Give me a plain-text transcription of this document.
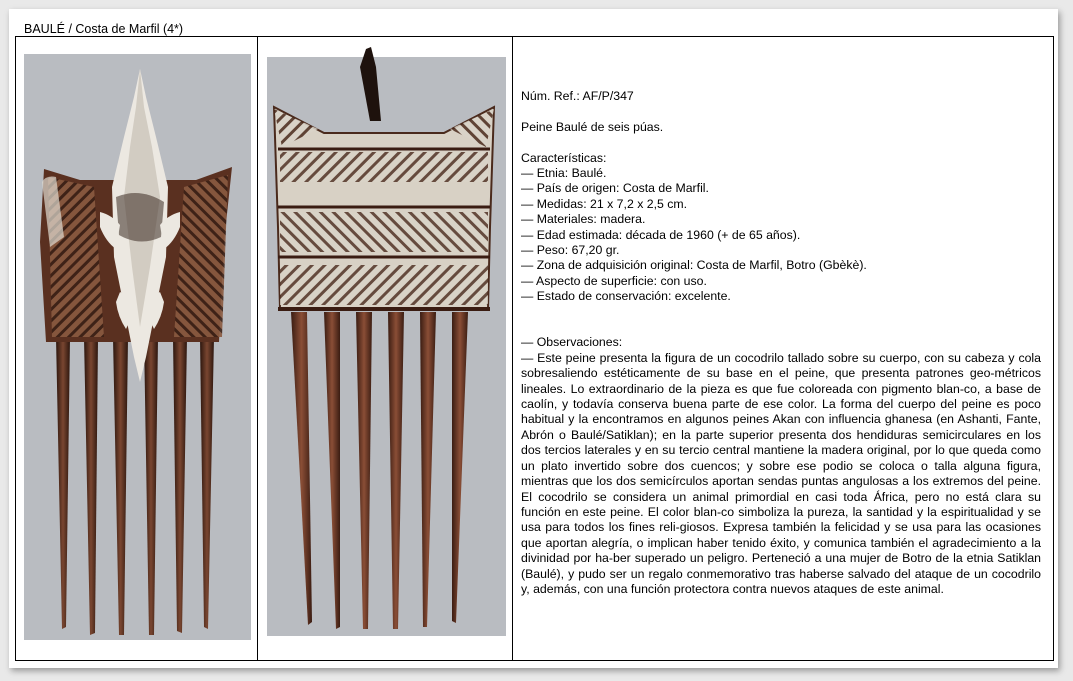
BAULÉ / Costa de Marfil (4*)

Núm. Ref.: AF/P/347

Peine Baulé de seis púas.

Características:

— Etnia: Baulé.

— País de origen: Costa de Marfil.

— Medidas: 21 x 7,2 x 2,5 cm.

— Materiales: madera.

— Edad estimada: década de 1960 (+ de 65 años).

— Peso: 67,20 gr.

— Zona de adquisición original: Costa de Marfil, Botro (Gbèkè).

— Aspecto de superficie: con uso.

— Estado de conservación: excelente.

— Observaciones:

— Este peine presenta la figura de un cocodrilo tallado sobre su cuerpo, con su cabeza y cola sobresaliendo estéticamente de su base en el peine, que presenta patrones geo-métricos lineales. Lo extraordinario de la pieza es que fue coloreada con pigmento blan-co, a base de caolín, y todavía conserva buena parte de ese color. La forma del cuerpo del peine es poco habitual y la encontramos en algunos peines Akan con influencia ghanesa (en Ashanti, Fante, Abrón o Baulé/Satiklan); en la parte superior presenta dos hendiduras semicirculares en los dos tercios laterales y en su tercio central mantiene la madera original, por lo que queda como un plato invertido sobre dos cuencos; y sobre ese podio se coloca o talla alguna figura, mientras que los dos semicírculos aportan sendas puntas angulosas a los extremos del peine. El cocodrilo se considera un animal primordial en casi toda África, pero no está clara su función en este peine. El color blan-co simboliza la pureza, la santidad y la espiritualidad y se usa para todos los fines reli-giosos. Expresa también la felicidad y se usa para las ocasiones que aportan alegría, o implican haber tenido éxito, y comunica también el agradecimiento a la divinidad por ha-ber superado un peligro. Perteneció a una mujer de Botro de la etnia Satiklan (Baulé), y pudo ser un regalo conmemorativo tras haberse salvado del ataque de un cocodrilo y, además, con una función protectora contra nuevos ataques de este animal.
